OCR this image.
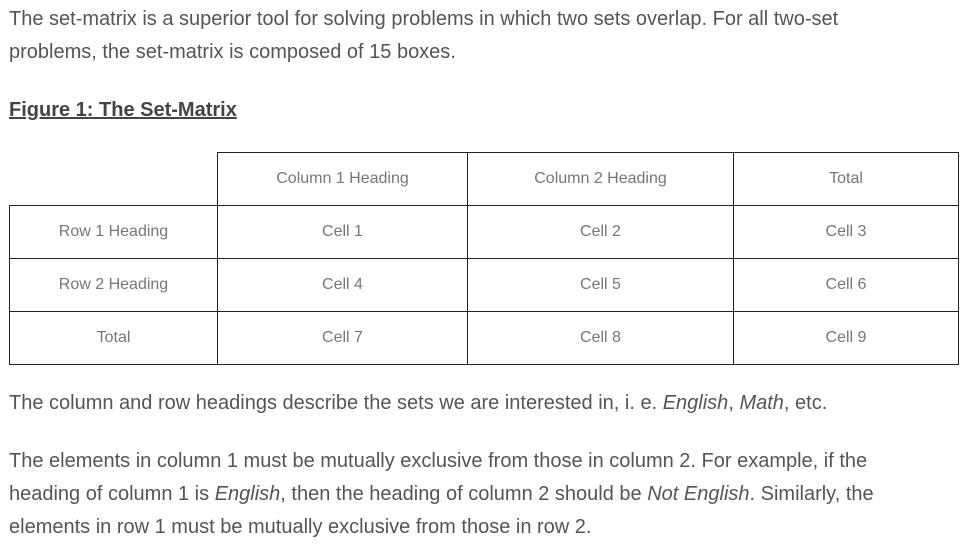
The set-matrix is a superior tool for solving problems in which two sets overlap. For all two-set
problems, the set-matrix is composed of 15 boxes.

Figure 1: The Set-Matrix
	Column 1 Heading	Column 2 Heading	Total
Row 1 Heading	Cell 1	Cell 2	Cell 3
Row 2 Heading	Cell 4	Cell 5	Cell 6
Total	Cell 7	Cell 8	Cell 9

The column and row headings describe the sets we are interested in, i. e. English, Math, etc.

The elements in column 1 must be mutually exclusive from those in column 2. For example, if the
heading of column 1 is English, then the heading of column 2 should be Not English. Similarly, the
elements in row 1 must be mutually exclusive from those in row 2.
